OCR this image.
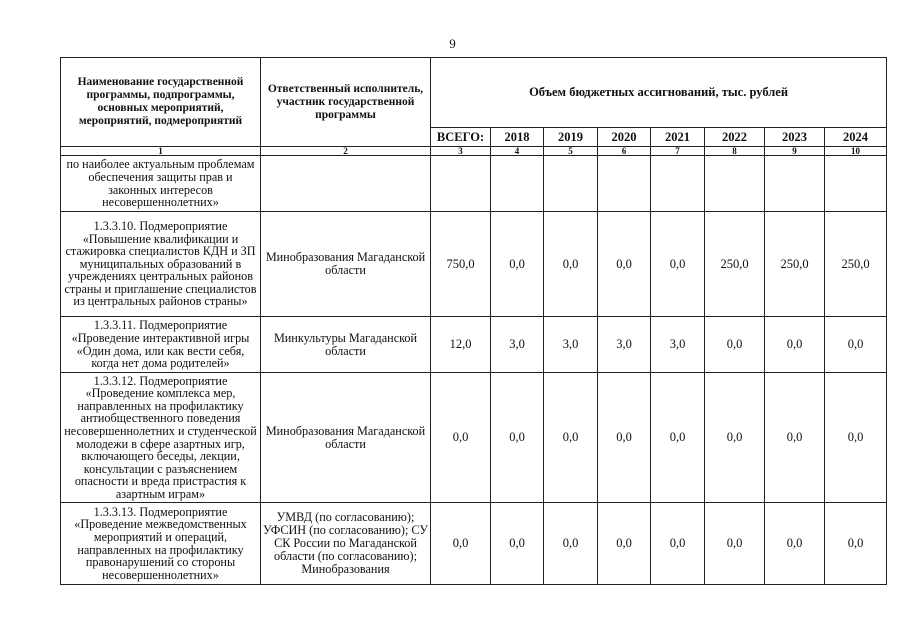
9
Наименование государственной программы, подпрограммы, основных мероприятий, мероприятий, подмероприятий	Ответственный исполнитель, участник государственной программы	Объем бюджетных ассигнований, тыс. рублей							
		ВСЕГО:	2018	2019	2020	2021	2022	2023	2024
1	2	3	4	5	6	7	8	9	10
по наиболее актуальным проблемам обеспечения защиты прав и законных интересов несовершеннолетних»									
1.3.3.10. Подмероприятие «Повышение квалификации и стажировка специалистов КДН и ЗП муниципальных образований в учреждениях центральных районов страны и приглашение специалистов из центральных районов страны»	Минобразования Магаданской области	750,0	0,0	0,0	0,0	0,0	250,0	250,0	250,0
1.3.3.11. Подмероприятие «Проведение интерактивной игры «Один дома, или как вести себя, когда нет дома родителей»	Минкультуры Магаданской области	12,0	3,0	3,0	3,0	3,0	0,0	0,0	0,0
1.3.3.12. Подмероприятие «Проведение комплекса мер, направленных на профилактику антиобщественного поведения несовершеннолетних и студенческой молодежи в сфере азартных игр, включающего беседы, лекции, консультации с разъяснением опасности и вреда пристрастия к азартным играм»	Минобразования Магаданской области	0,0	0,0	0,0	0,0	0,0	0,0	0,0	0,0
1.3.3.13. Подмероприятие «Проведение межведомственных мероприятий и операций, направленных на профилактику правонарушений со стороны несовершеннолетних»	УМВД (по согласованию); УФСИН (по согласованию); СУ СК России по Магаданской области (по согласованию); Минобразования	0,0	0,0	0,0	0,0	0,0	0,0	0,0	0,0
